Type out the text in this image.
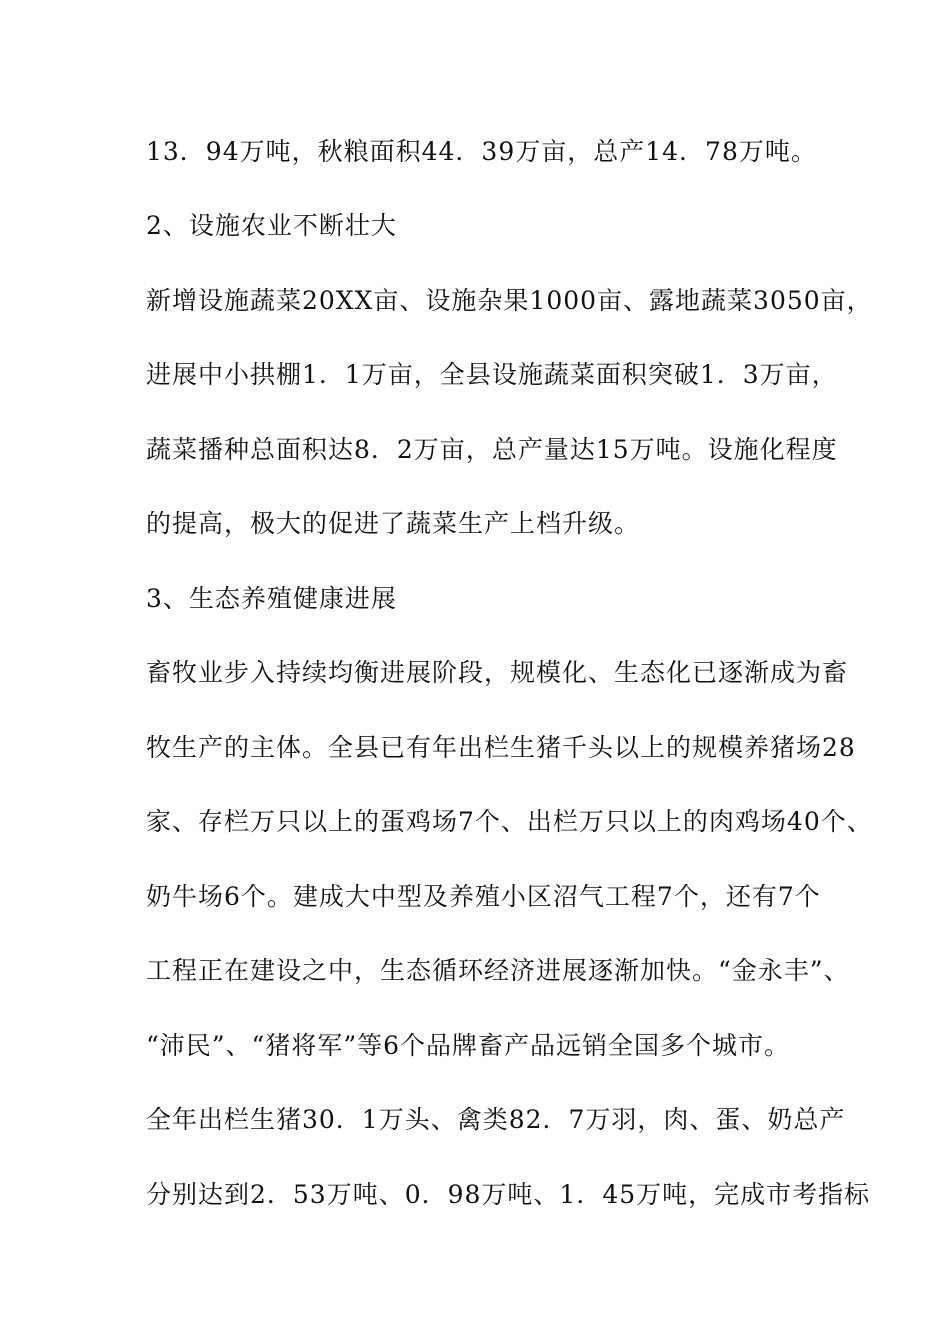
13．94万吨，秋粮面积44．39万亩，总产14．78万吨。
2、设施农业不断壮大
新增设施蔬菜20XX亩、设施杂果1000亩、露地蔬菜3050亩，
进展中小拱棚1．1万亩，全县设施蔬菜面积突破1．3万亩，
蔬菜播种总面积达8．2万亩，总产量达15万吨。设施化程度
的提高，极大的促进了蔬菜生产上档升级。
3、生态养殖健康进展
畜牧业步入持续均衡进展阶段，规模化、生态化已逐渐成为畜
牧生产的主体。全县已有年出栏生猪千头以上的规模养猪场28
家、存栏万只以上的蛋鸡场7个、出栏万只以上的肉鸡场40个、
奶牛场6个。建成大中型及养殖小区沼气工程7个，还有7个
工程正在建设之中，生态循环经济进展逐渐加快。“金永丰”、
“沛民”、“猪将军”等6个品牌畜产品远销全国多个城市。
全年出栏生猪30．1万头、禽类82．7万羽，肉、蛋、奶总产
分别达到2．53万吨、0．98万吨、1．45万吨，完成市考指标
